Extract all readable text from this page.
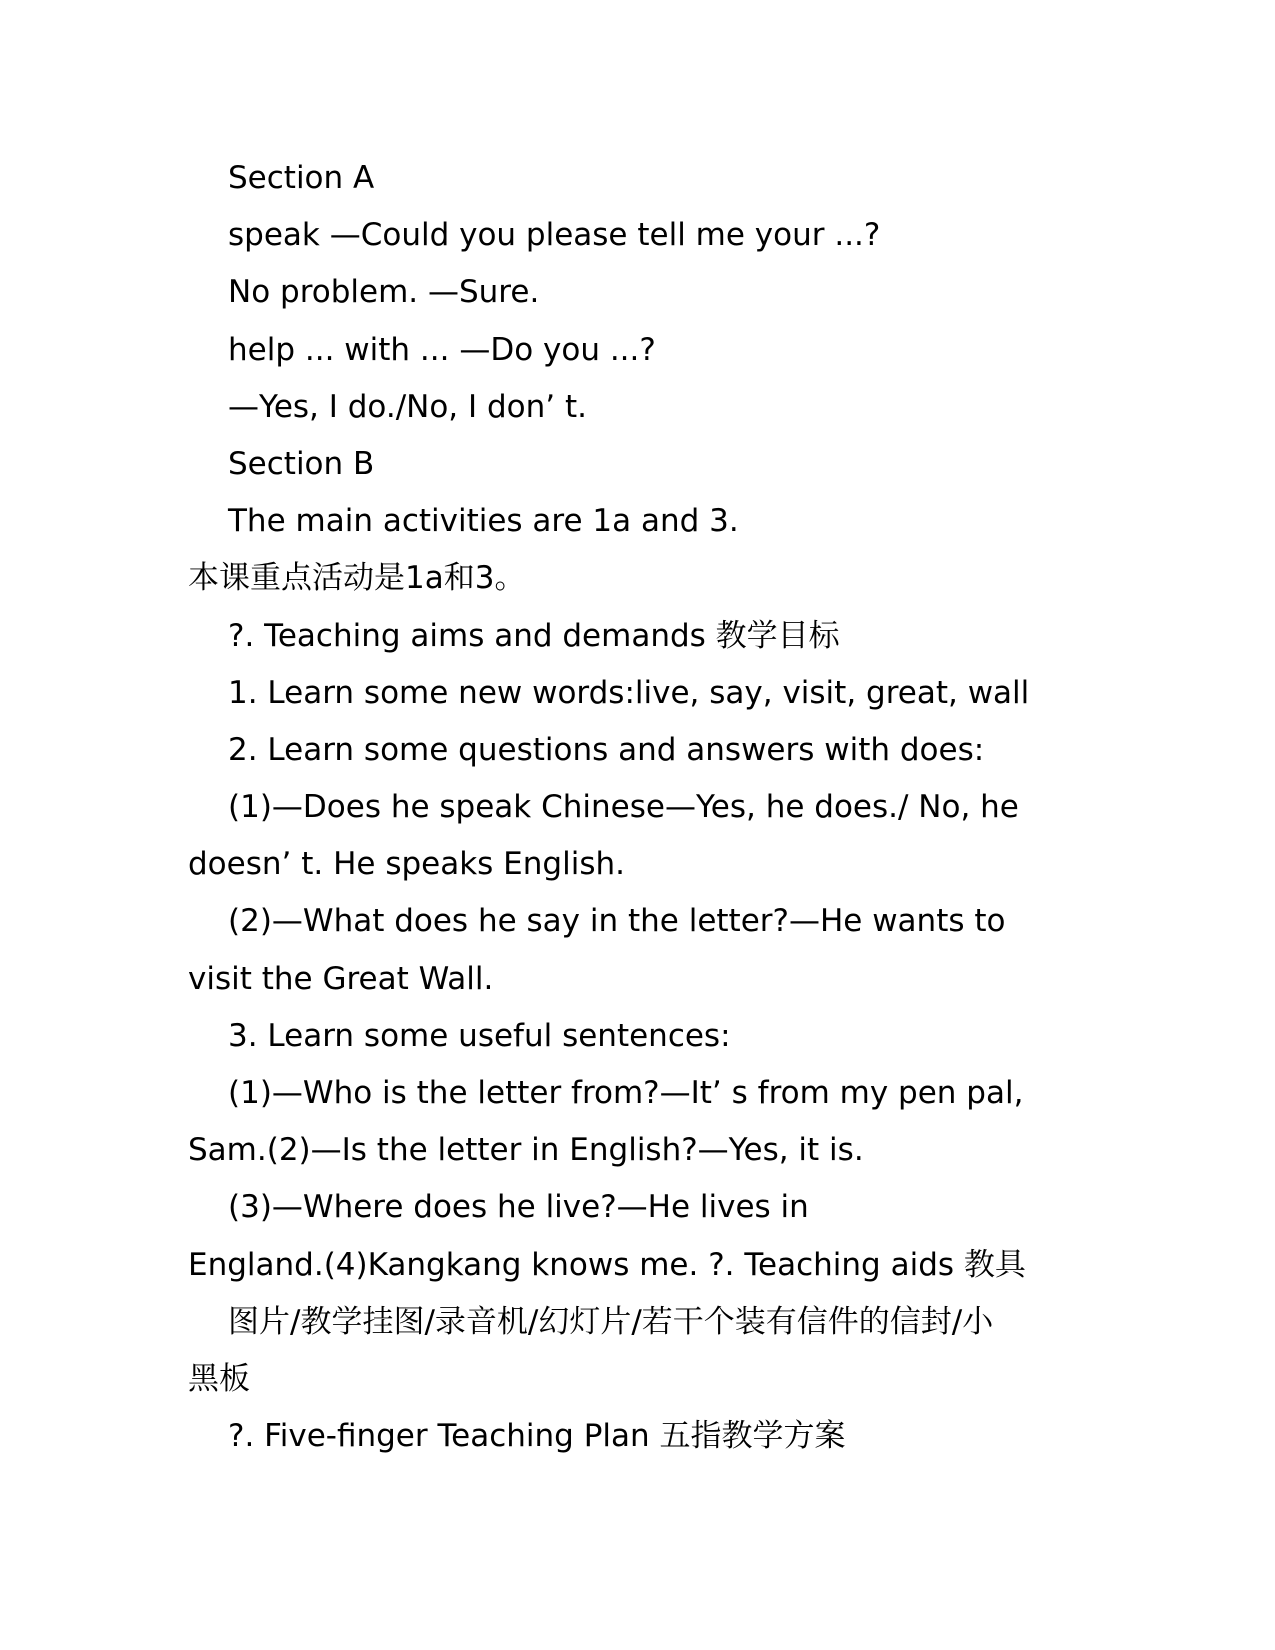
Section A

speak —Could you please tell me your ...?

No problem. —Sure.

help ... with ... —Do you ...?

—Yes, I do./No, I don’ t.

Section B

The main activities are 1a and 3.

本课重点活动是1a和3。

?. Teaching aims and demands 教学目标

1. Learn some new words:live, say, visit, great, wall

2. Learn some questions and answers with does:

(1)—Does he speak Chinese—Yes, he does./ No, he

doesn’ t. He speaks English.

(2)—What does he say in the letter?—He wants to

visit the Great Wall.

3. Learn some useful sentences:

(1)—Who is the letter from?—It’ s from my pen pal,

Sam.(2)—Is the letter in English?—Yes, it is.

(3)—Where does he live?—He lives in

England.(4)Kangkang knows me. ?. Teaching aids 教具

图片/教学挂图/录音机/幻灯片/若干个装有信件的信封/小

黑板

?. Five-finger Teaching Plan 五指教学方案
